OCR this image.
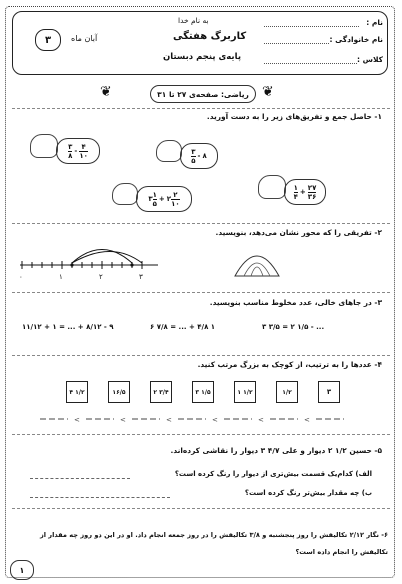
به نام خدا
کاربرگ هفتگی
پایه‌ی پنجم دبستان
نام :
نام خانوادگی :
کلاس :
آبان ماه
۳
❦	ریاضی: صفحه‌ی ۲۷ تا ۳۱ ❦
۱- حاصل جمع و تفریق‌های زیر را به دست آورید.
$\frac{۳}{۸} - \frac{۴}{۱۰}$	$\frac{۳}{۵}$ - ۸
۳ $\frac{۱}{۵}$ + ۲ $\frac{۲}{۱۰}$	$\frac{۱}{۴} + \frac{۲۷}{۳۶}$
۲- تفریقی را که محور نشان می‌دهد، بنویسید.
۰	۱	۲	۳
۳- در جاهای خالی، عدد مخلوط مناسب بنویسید.
۱۱/۱۲ + ۱ = ... + ۸/۱۲ - ۹	۶ ۷/۸ = ... + ۴/۸ ۱	۳ ۳/۵ = ۲ ۱/۵ - ...
۴- عددها را به ترتیب، از کوچک به بزرگ مرتب کنید.
۳
۱/۲
۱ ۱/۲
۳ ۱/۵
۲ ۳/۴
۱۶/۵
۴ ۱/۲
<	<	<	<	<	<
۵- حسین ۱/۲ ۲ دیوار و علی ۴/۷ ۳ دیوار را نقاشی کرده‌اند.
الف) کدام‌یک قسمت بیش‌تری از دیوار را رنگ کرده است؟
ب) چه مقدار بیش‌تر رنگ کرده است؟
۶- نگار ۲/۱۲ تکالیفش را روز پنجشنبه و ۳/۸ تکالیفش را در روز جمعه انجام داد. او در این دو روز چه مقدار از
تکالیفش را انجام داده است؟
۱
